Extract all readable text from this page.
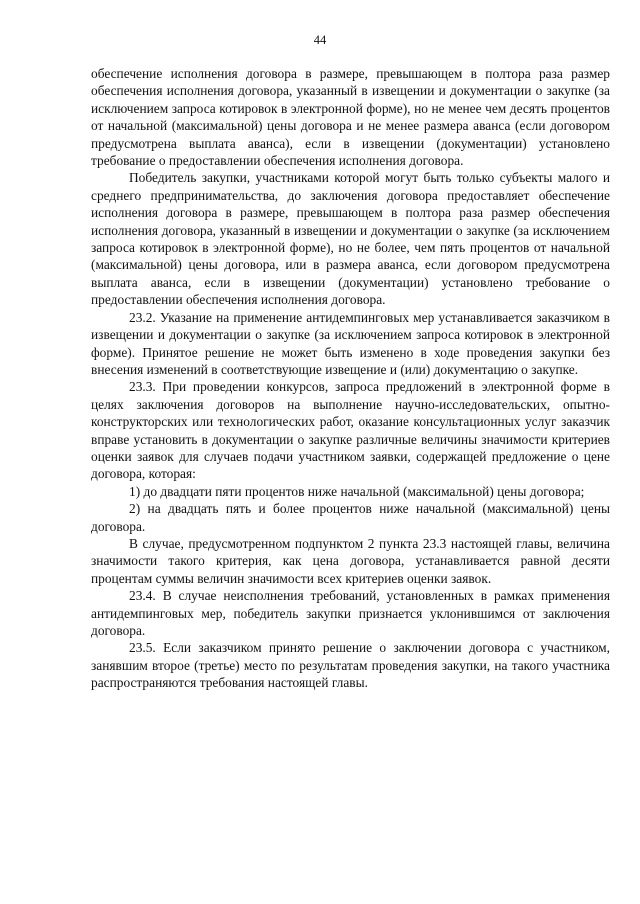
44

обеспечение исполнения договора в размере, превышающем в полтора раза размер обеспечения исполнения договора, указанный в извещении и документации о закупке (за исключением запроса котировок в электронной форме), но не менее чем десять процентов от начальной (максимальной) цены договора и не менее размера аванса (если договором предусмотрена выплата аванса), если в извещении (документации) установлено требование о предоставлении обеспечения исполнения договора.

Победитель закупки, участниками которой могут быть только субъекты малого и среднего предпринимательства, до заключения договора предоставляет обеспечение исполнения договора в размере, превышающем в полтора раза размер обеспечения исполнения договора, указанный в извещении и документации о закупке (за исключением запроса котировок в электронной форме), но не более, чем пять процентов от начальной (максимальной) цены договора, или в размера аванса, если договором предусмотрена выплата аванса, если в извещении (документации) установлено требование о предоставлении обеспечения исполнения договора.

23.2. Указание на применение антидемпинговых мер устанавливается заказчиком в извещении и документации о закупке (за исключением запроса котировок в электронной форме). Принятое решение не может быть изменено в ходе проведения закупки без внесения изменений в соответствующие извещение и (или) документацию о закупке.

23.3. При проведении конкурсов, запроса предложений в электронной форме в целях заключения договоров на выполнение научно-исследовательских, опытно-конструкторских или технологических работ, оказание консультационных услуг заказчик вправе установить в документации о закупке различные величины значимости критериев оценки заявок для случаев подачи участником заявки, содержащей предложение о цене договора, которая:

1) до двадцати пяти процентов ниже начальной (максимальной) цены договора;

2) на двадцать пять и более процентов ниже начальной (максимальной) цены договора.

В случае, предусмотренном подпунктом 2 пункта 23.3 настоящей главы, величина значимости такого критерия, как цена договора, устанавливается равной десяти процентам суммы величин значимости всех критериев оценки заявок.

23.4. В случае неисполнения требований, установленных в рамках применения антидемпинговых мер, победитель закупки признается уклонившимся от заключения договора.

23.5. Если заказчиком принято решение о заключении договора с участником, занявшим второе (третье) место по результатам проведения закупки, на такого участника распространяются требования настоящей главы.
